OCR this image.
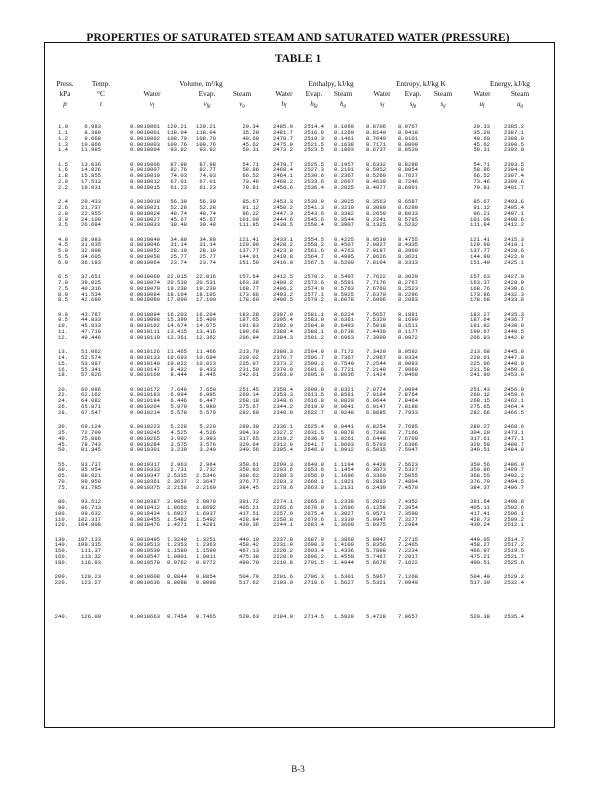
PROPERTIES OF SATURATED STEAM AND SATURATED WATER (PRESSURE)
TABLE 1
Press.	Temp.	Volume, m³/kg	Enthalpy, kJ/kg	Entropy, kJ/kg K	Energy, kJ/kg
kPa	°C	Water	Evap.	Steam	Water	Evap.	Steam	Water	Evap.	Steam	Water	Steam
p	t	vf	vfg	vg	hf	hfg	hg	sf	sfg	sg	uf	ug
1.0	6.983	0.0010001	129.21	129.21	29.34	2485.0	2514.4	0.1060	8.8706	8.9767	29.33	2385.2
1.1	8.380	0.0010001	118.04	118.04	35.20	2481.7	2516.9	0.1269	8.8149	8.9418	35.20	2387.1
1.2	9.668	0.0010002	108.70	108.70	40.60	2478.7	2519.3	0.1461	8.7640	8.9101	40.60	2388.9
1.3	10.866	0.0010003	100.76	100.76	45.62	2475.9	2521.5	0.1638	8.7171	8.8809	45.62	2390.5
1.4	11.985	0.0010004	93.92	93.92	50.31	2473.2	2523.5	0.1803	8.6737	8.8539	50.31	2392.0
1.5	13.036	0.0010006	87.98	87.98	54.71	2470.7	2525.5	0.1957	8.6332	8.8288	54.71	2393.5
1.6	14.026	0.0010007	82.76	82.77	58.86	2468.4	2527.3	0.2101	8.5952	8.8054	58.86	2394.8
1.8	15.855	0.0010010	74.03	74.03	66.52	2464.1	2530.6	0.2367	8.5260	8.7627	66.52	2397.4
2.0	17.513	0.0010012	67.01	67.01	73.46	2460.2	2533.6	0.2607	8.4639	8.7246	73.46	2399.6
2.2	19.031	0.0010015	61.23	61.23	79.81	2456.6	2536.4	0.2825	8.4077	8.6901	79.81	2401.7
2.4	20.433	0.0010018	56.39	56.39	85.67	2453.3	2539.0	0.3025	8.3563	8.6587	85.67	2403.6
2.6	21.737	0.0010021	52.28	52.28	91.12	2450.2	2541.3	0.3210	8.3089	8.6299	91.12	2405.4
2.8	22.955	0.0010024	48.74	48.74	96.22	2447.3	2543.6	0.3382	8.2650	8.6033	96.21	2407.1
3.0	24.100	0.0010027	45.67	45.67	101.00	2444.6	2545.6	0.3544	8.2241	8.5785	101.00	2408.6
3.5	26.694	0.0010033	39.48	39.48	111.85	2438.5	2550.4	0.3907	8.1325	8.5232	111.84	2412.2
4.0	28.983	0.0010040	34.80	34.80	121.41	2433.1	2554.5	0.4225	8.0530	8.4755	121.41	2415.3
4.5	31.035	0.0010046	31.14	31.14	129.99	2428.2	2558.2	0.4507	7.9827	8.4335	129.98	2418.1
5.0	32.898	0.0010052	28.19	28.19	137.77	2423.8	2561.6	0.4763	7.9197	8.3960	137.77	2420.6
5.5	34.605	0.0010058	25.77	25.77	144.91	2419.8	2564.7	0.4995	7.8626	8.3621	144.90	2422.9
6.0	36.183	0.0010064	23.74	23.74	151.50	2416.0	2567.5	0.5209	7.8104	8.3313	151.49	2425.1
6.5	37.651	0.0010069	22.015	22.016	157.64	2412.5	2570.2	0.5407	7.7622	8.3029	157.63	2427.0
7.0	39.025	0.0010074	20.530	20.531	163.38	2409.2	2572.6	0.5591	7.7176	8.2767	163.37	2428.9
7.5	40.316	0.0010079	19.238	19.239	168.77	2406.2	2574.9	0.5763	7.6760	8.2523	168.76	2430.6
8.0	41.534	0.0010084	18.104	18.105	173.86	2403.2	2577.1	0.5925	7.6370	8.2296	173.86	2432.3
8.5	42.689	0.0010089	17.099	17.100	178.69	2400.5	2579.2	0.6078	7.6006	8.2083	178.68	2433.8
9.0	43.787	0.0010094	16.203	16.204	183.28	2397.9	2581.1	0.6224	7.5657	8.1881	183.27	2435.3
9.5	44.833	0.0010098	15.399	15.400	187.65	2395.4	2583.0	0.6361	7.5329	8.1690	187.64	2436.7
10.	45.833	0.0010102	14.674	14.675	191.83	2392.9	2584.8	0.6493	7.5018	8.1511	191.82	2438.0
11.	47.710	0.0010111	13.415	13.416	199.68	2388.4	2588.1	0.6738	7.4439	8.1177	199.67	2440.5
12.	49.446	0.0010119	12.361	12.362	206.94	2384.3	2591.2	0.6963	7.3909	8.0872	206.93	2442.8
13.	51.062	0.0010126	11.465	11.466	213.70	2380.3	2594.0	0.7172	7.3420	8.0592	213.68	2445.0
14.	52.574	0.0010133	10.693	10.694	220.02	2376.7	2596.7	0.7367	7.2967	8.0334	220.01	2447.0
15.	53.997	0.0010140	10.022	10.023	225.97	2373.2	2599.2	0.7549	7.2544	8.0093	225.96	2448.9
16.	55.341	0.0010147	9.432	9.433	231.59	2370.0	2601.6	0.7721	7.2148	7.9869	231.58	2450.6
18.	57.826	0.0010160	8.444	8.445	242.01	2363.9	2605.9	0.8036	7.1424	7.9460	241.99	2453.9
20.	60.086	0.0010172	7.649	7.650	251.45	2358.4	2609.9	0.8321	7.0774	7.9094	251.43	2456.9
22.	62.162	0.0010183	6.994	6.995	260.14	2353.3	2613.5	0.8581	7.0184	7.8764	260.12	2459.6
24.	64.082	0.0010194	6.446	6.447	268.18	2348.6	2616.8	0.8820	6.9644	7.8464	268.15	2462.1
26.	65.871	0.0010204	5.979	5.980	275.67	2344.2	2619.9	0.9041	6.9147	7.8188	275.65	2464.4
28.	67.547	0.0010214	5.578	5.579	282.69	2340.0	2622.7	0.9248	6.8685	7.7933	282.66	2466.5
30.	69.124	0.0010223	5.228	5.229	289.30	2336.1	2625.4	0.9441	6.8254	7.7695	289.27	2468.6
35.	72.709	0.0010245	4.525	4.526	304.33	2327.2	2631.5	0.9878	6.7288	7.7166	304.29	2473.1
40.	75.886	0.0010265	3.992	3.993	317.65	2319.2	2636.9	1.0261	6.6448	7.6709	317.61	2477.1
45.	78.743	0.0010284	3.575	3.576	329.64	2312.0	2641.7	1.0603	6.5703	7.6306	329.59	2480.7
50.	81.345	0.0010301	3.239	3.240	340.56	2305.4	2646.0	1.0912	6.5035	7.5947	340.51	2484.0
55.	83.737	0.0010317	2.963	2.964	350.61	2299.3	2649.9	1.1194	6.4428	7.5623	350.56	2486.9
60.	85.954	0.0010333	2.731	2.732	359.93	2293.6	2653.6	1.1454	6.3873	7.5327	359.86	2489.7
65.	88.021	0.0010347	2.5335	2.5346	368.62	2288.3	2656.9	1.1696	6.3360	7.5055	368.55	2492.2
70.	89.959	0.0010361	2.3637	2.3647	376.77	2283.3	2660.1	1.1921	6.2883	7.4804	376.70	2494.5
75.	91.785	0.0010375	2.2158	2.2169	384.45	2278.6	2663.0	1.2131	6.2439	7.4570	384.37	2496.7
80.	93.512	0.0010387	2.0859	2.0870	391.72	2274.1	2665.8	1.2330	6.2022	7.4352	391.64	2498.8
90.	96.713	0.0010412	1.8682	1.8692	405.21	2265.6	2670.9	1.2696	6.1258	7.3954	405.11	2502.6
100.	99.632	0.0010434	1.6927	1.6937	417.51	2257.9	2675.4	1.3027	6.0571	7.3598	417.41	2506.1
110.	102.317	0.0010455	1.5482	1.5492	428.84	2250.8	2679.6	1.3330	5.9947	7.3277	428.73	2509.2
120.	104.808	0.0010476	1.4271	1.4281	439.36	2244.1	2683.4	1.3609	5.9375	7.2984	439.24	2512.1
130.	107.133	0.0010495	1.3240	1.3251	449.19	2237.8	2687.0	1.3868	5.8847	7.2715	449.05	2514.7
140.	109.315	0.0010513	1.2353	1.2363	458.42	2231.9	2690.3	1.4109	5.8356	7.2465	458.27	2517.2
150.	111.37	0.0010530	1.1580	1.1590	467.13	2226.2	2693.4	1.4336	5.7898	7.2234	466.97	2519.5
160.	113.32	0.0010547	1.0901	1.0911	475.38	2220.9	2696.2	1.4550	5.7467	7.2017	475.21	2521.7
180.	116.93	0.0010579	0.9762	0.9772	490.70	2210.8	2701.5	1.4944	5.6678	7.1622	490.51	2525.6
200.	120.23	0.0010608	0.8844	0.8854	504.70	2201.6	2706.3	1.5301	5.5967	7.1268	504.49	2529.2
220.	123.27	0.0010636	0.8088	0.8098	517.62	2193.0	2710.6	1.5627	5.5321	7.0949	517.39	2532.4
240.	126.09	0.0010663	0.7454	0.7465	529.63	2184.9	2714.5	1.5929	5.4728	7.0657	529.38	2535.4
B-3
